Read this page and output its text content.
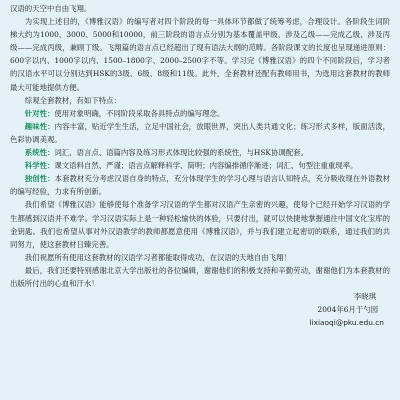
汉语的天空中自由飞翔。

为实现上述目的，《博雅汉语》的编写者对四个阶段的每一具体环节都做了统筹考虑，合理设计。各阶段生词阶梯大约为1000、3000、5000和10000，前三阶段的语言点分别为基本覆盖甲级、涉及乙级——完成乙级、涉及丙级——完成丙级，兼顾丁级。飞翔篇的语言点已经超出了现有语法大纲的范畴。各阶段课文的长度也呈现递进原则：600字以内、1000字以内、1500–1800字、2000–2500字不等。学习完《博雅汉语》的四个不同阶段后，学习者的汉语水平可以分别达到HSK的3级、6级、8级和11级。此外，全套教材还配有教师用书，为选用这套教材的教师最大可能地提供方便。

综观全套教材，有如下特点：

针对性：使用对象明确，不同阶段采取各具特点的编写理念。

趣味性：内容丰富，贴近学生生活，立足中国社会，放眼世界，突出人类共通文化；练习形式多样，版面活泼，色彩协调美观。

系统性：词汇、语言点、语篇内容及练习形式体现比较强的系统性，与HSK协调配套。

科学性：课文语料自然、严谨；语言点解释科学、简明；内容编排循序渐进；词汇、句型注重重现率。

独创性：本套教材充分考虑汉语自身的特点，充分体现学生的学习心理与语言认知特点，充分吸收现在外语教材的编写经验，力求有所创新。

我们希望《博雅汉语》能够使每个准备学习汉语的学生都对汉语产生亲密的兴趣，使每个已经开始学习汉语的学生都感到汉语并不难学。学习汉语实际上是一种轻松愉快的体验，只要付出，就可以快捷地掌握通往中国文化宝库的金钥匙。我们也希望从事对外汉语教学的教师都愿意使用《博雅汉语》，并与我们建立起密切的联系，通过我们的共同努力，使这套教材日臻完善。

我们祝愿所有使用这套教材的汉语学习者都能取得成功，在汉语的天地自由飞翔！

最后，我们还要特别感谢北京大学出版社的各位编辑，谢谢他们的积极支持和辛勤劳动，谢谢他们为本套教材的出版所付出的心血和汗水！

李晓琪

2004年6月于勺园

lixiaoqi@pku.edu.cn
